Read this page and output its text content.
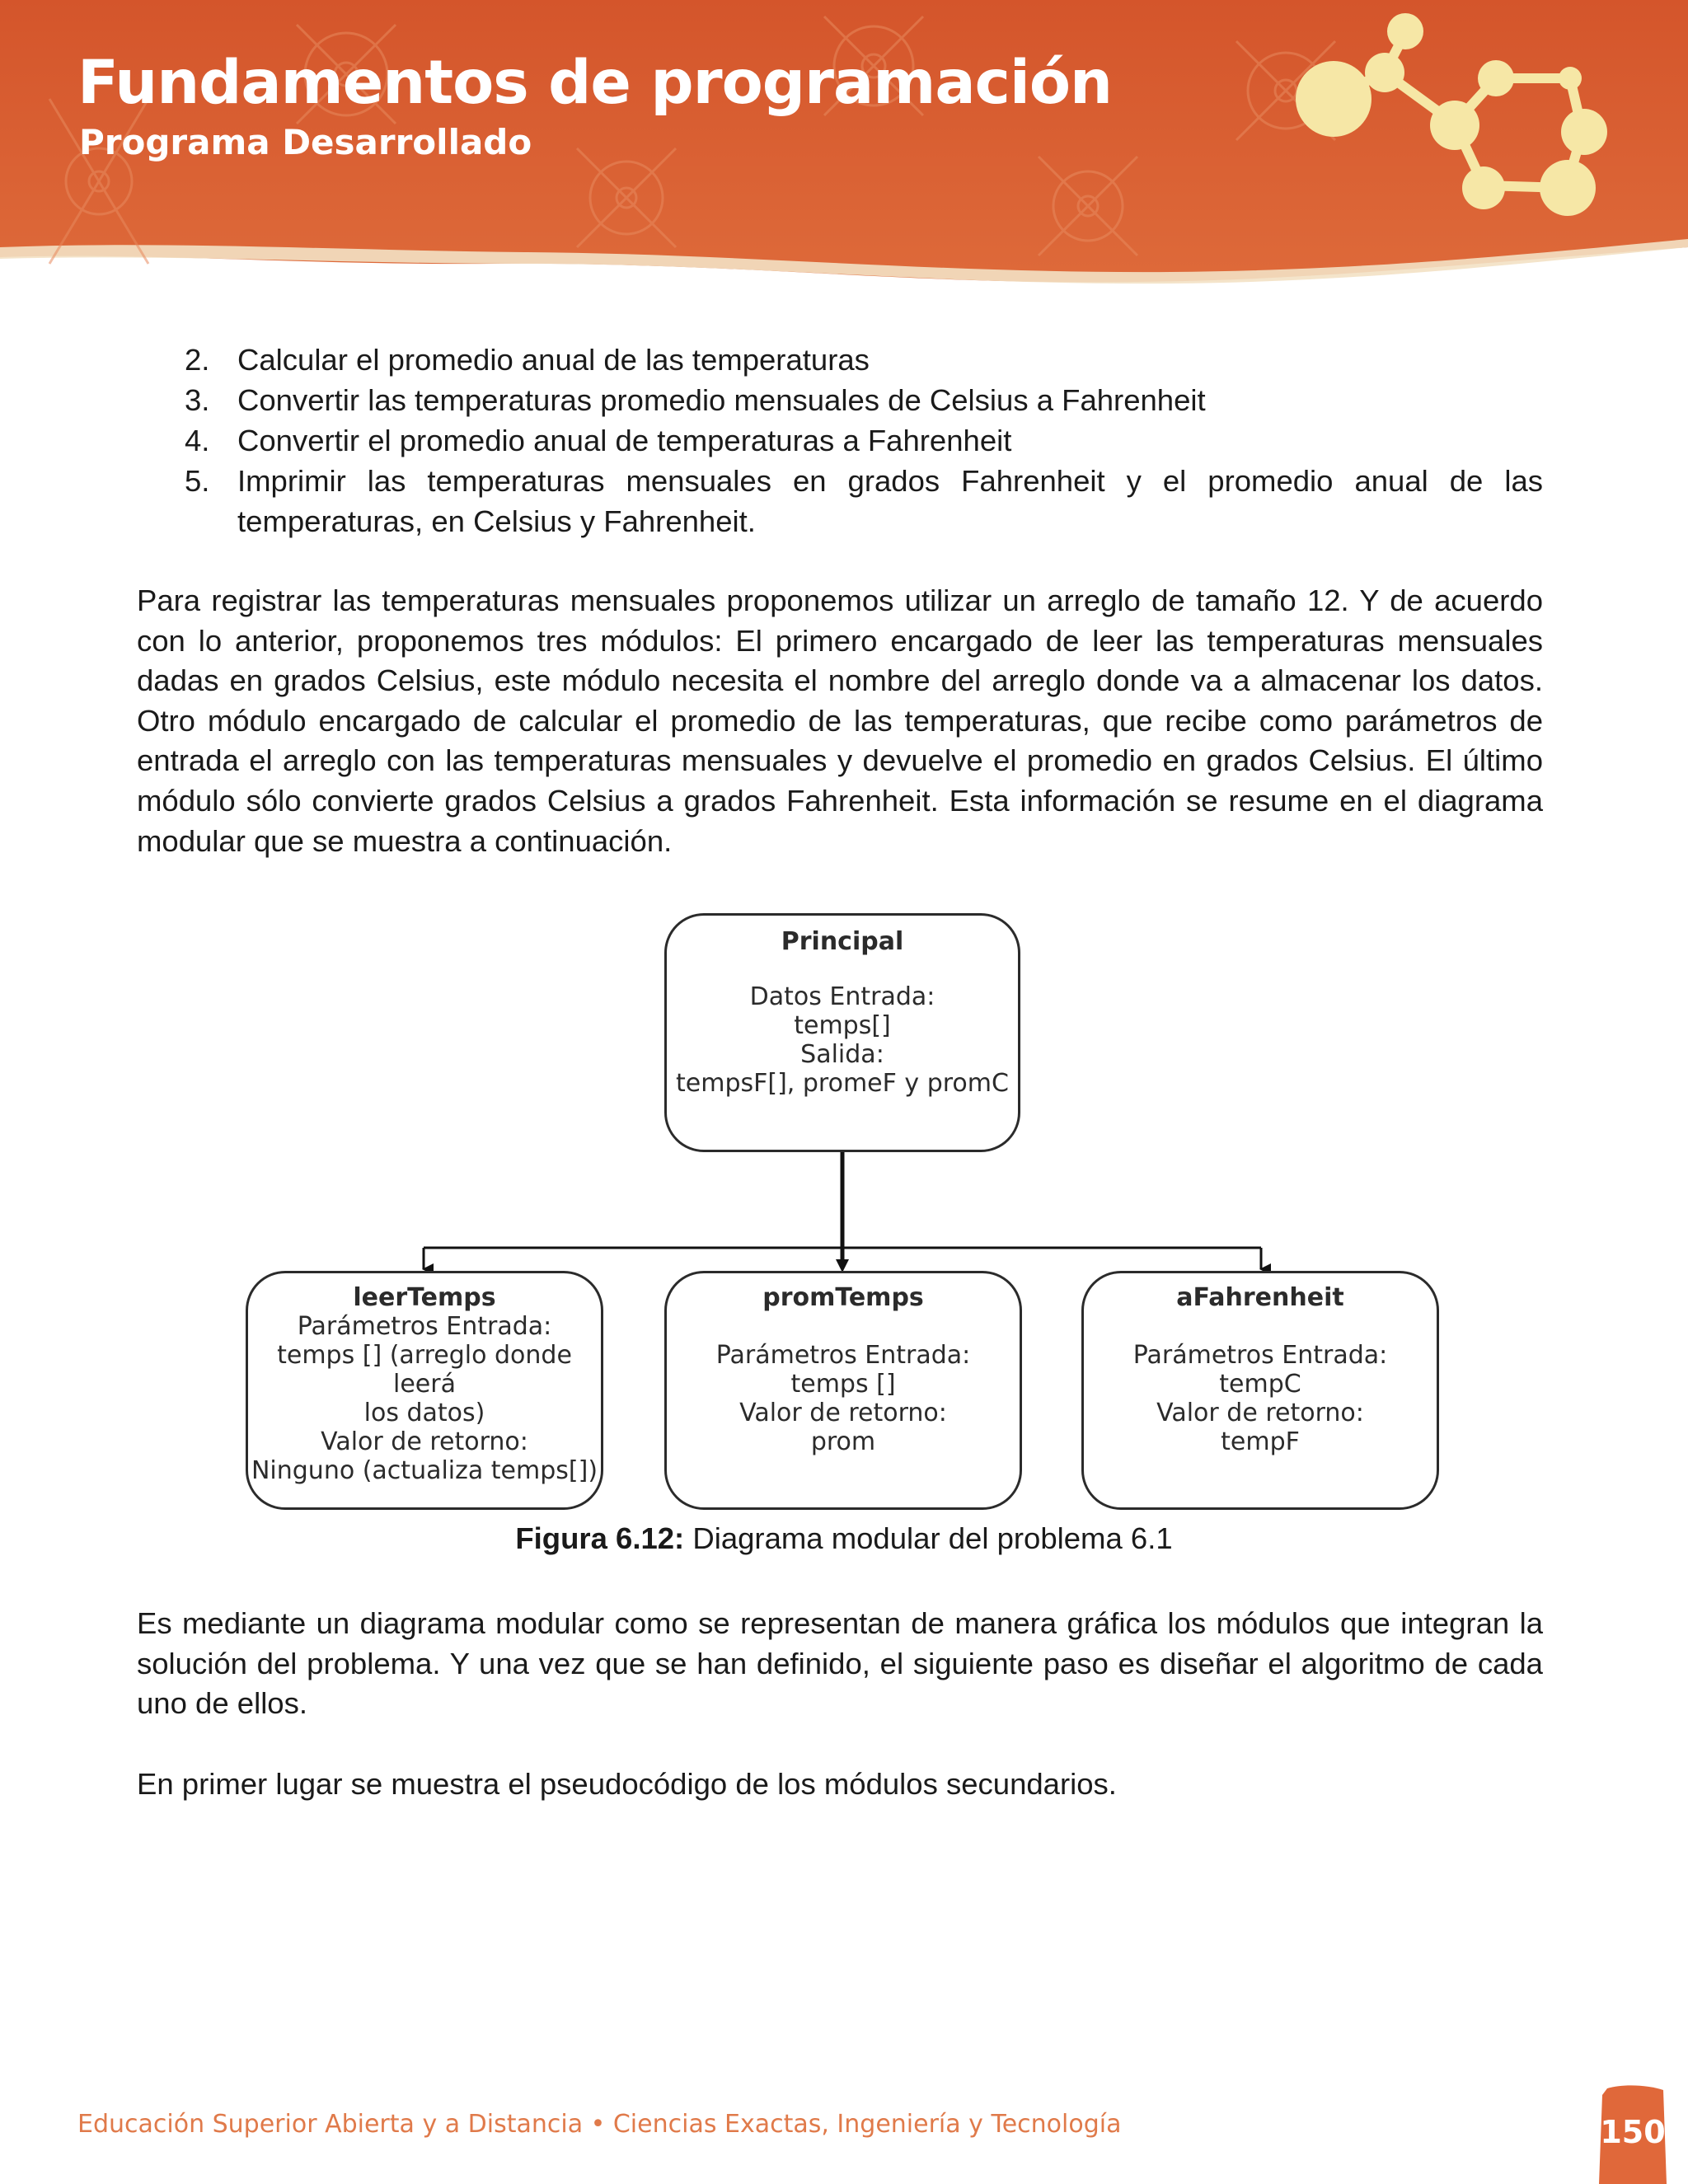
Fundamentos de programación
Programa Desarrollado
2. Calcular el promedio anual de las temperaturas
3. Convertir las temperaturas promedio mensuales de Celsius a Fahrenheit
4. Convertir el promedio anual de temperaturas a Fahrenheit
5. Imprimir las temperaturas mensuales en grados Fahrenheit y el promedio anual de las temperaturas, en Celsius y Fahrenheit.

Para registrar las temperaturas mensuales proponemos utilizar un arreglo de tamaño 12. Y de acuerdo con lo anterior, proponemos tres módulos: El primero encargado de leer las temperaturas mensuales dadas en grados Celsius, este módulo necesita el nombre del arreglo donde va a almacenar los datos. Otro módulo encargado de calcular el promedio de las temperaturas, que recibe como parámetros de entrada el arreglo con las temperaturas mensuales y devuelve el promedio en grados Celsius. El último módulo sólo convierte grados Celsius a grados Fahrenheit. Esta información se resume en el diagrama modular que se muestra a continuación.

Principal
Datos Entrada:
temps[]
Salida:
tempsF[], promeF y promC
leerTemps
Parámetros Entrada:
temps [] (arreglo donde leerá
los datos)
Valor de retorno:
Ninguno (actualiza temps[])
promTemps
Parámetros Entrada:
temps []
Valor de retorno:
prom
aFahrenheit
Parámetros Entrada:
tempC
Valor de retorno:
tempF
Figura 6.12: Diagrama modular del problema 6.1

Es mediante un diagrama modular como se representan de manera gráfica los módulos que integran la solución del problema. Y una vez que se han definido, el siguiente paso es diseñar el algoritmo de cada uno de ellos.

En primer lugar se muestra el pseudocódigo de los módulos secundarios.

Educación Superior Abierta y a Distancia • Ciencias Exactas, Ingeniería y Tecnología	150
